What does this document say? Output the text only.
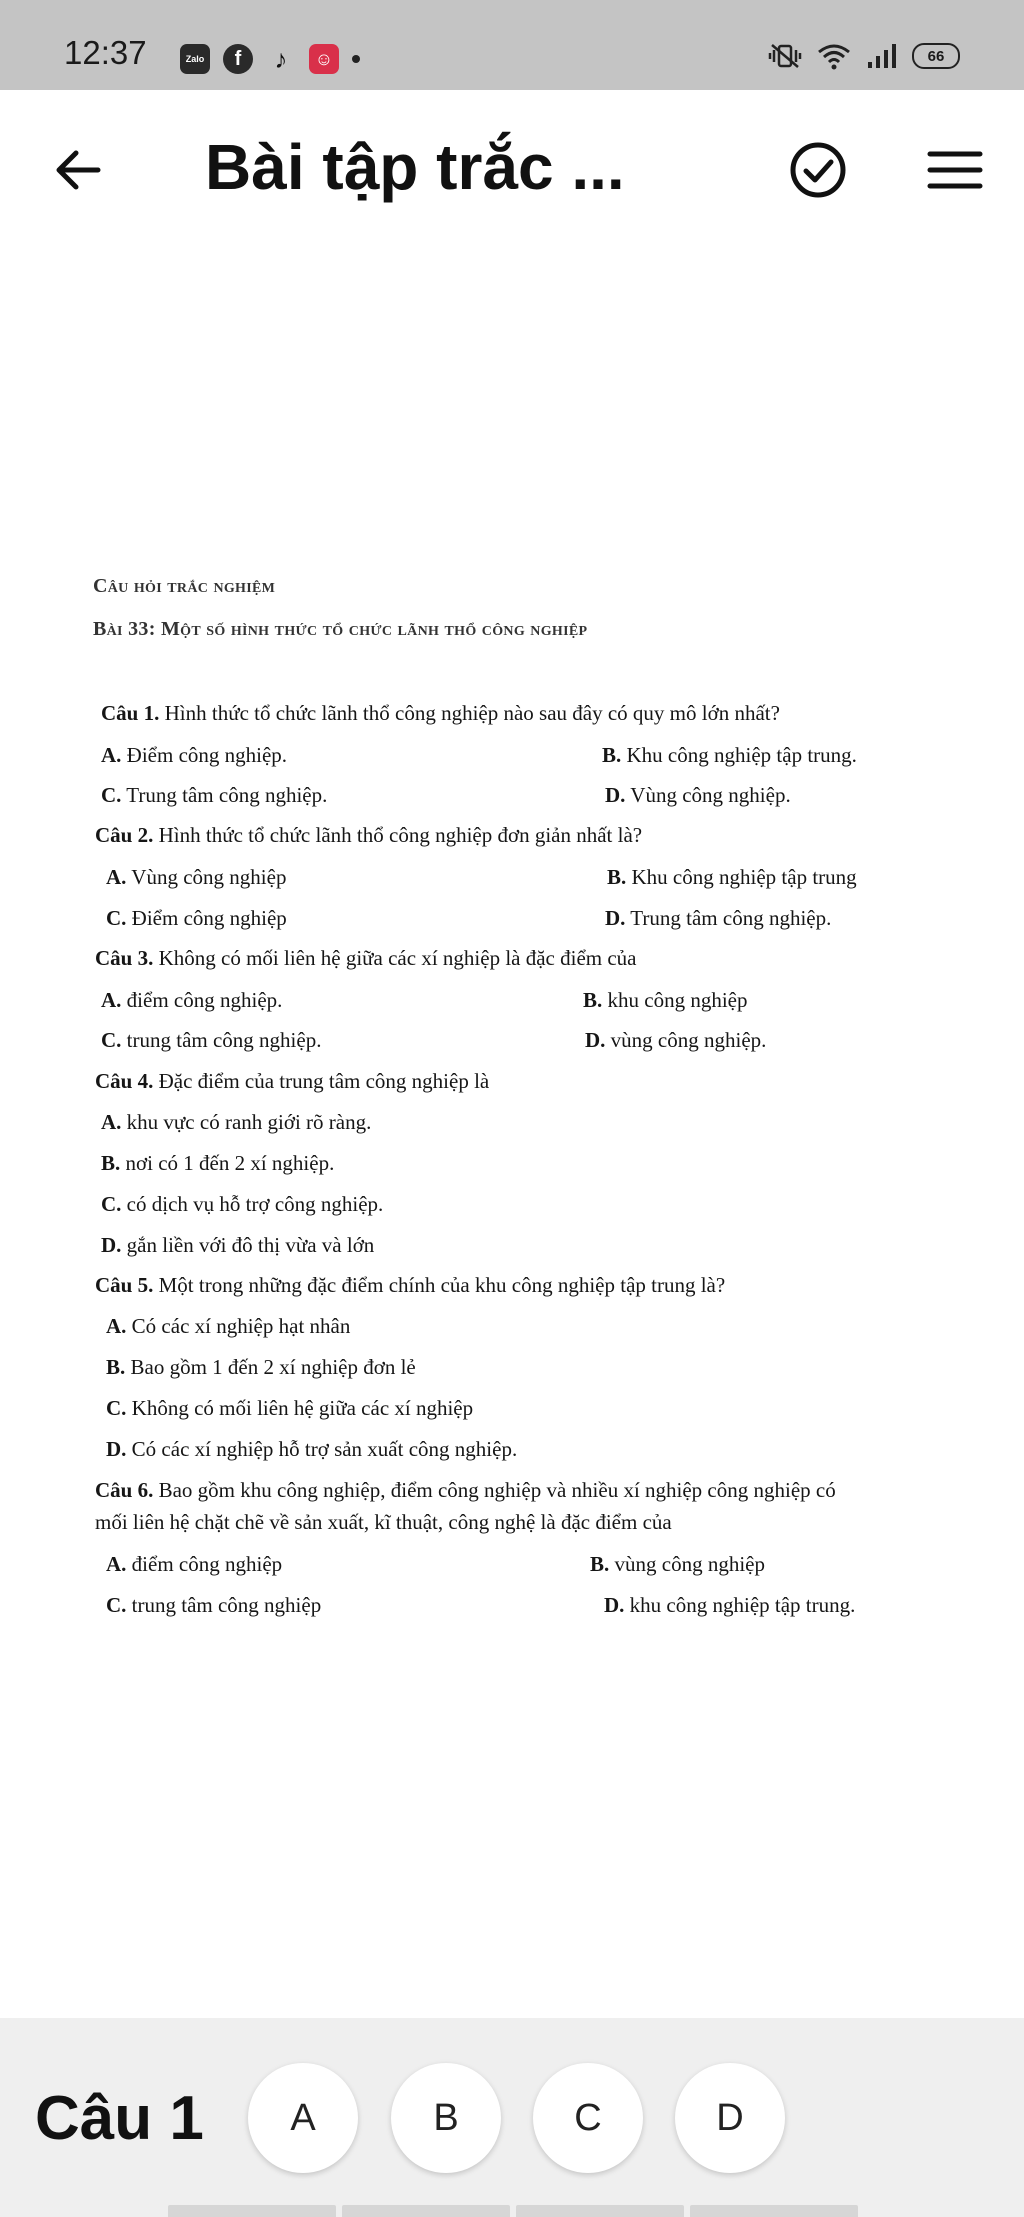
12:37	Zalo	f	♪	☺	66
Bài tập trắc ...
Câu hỏi trắc nghiệm
Bài 33: Một số hình thức tổ chức lãnh thổ công nghiệp
Câu 1. Hình thức tổ chức lãnh thổ công nghiệp nào sau đây có quy mô lớn nhất?
A. Điểm công nghiệp.	B. Khu công nghiệp tập trung.
C. Trung tâm công nghiệp.	D. Vùng công nghiệp.
Câu 2. Hình thức tổ chức lãnh thổ công nghiệp đơn giản nhất là?
A. Vùng công nghiệp	B. Khu công nghiệp tập trung
C. Điểm công nghiệp	D. Trung tâm công nghiệp.
Câu 3. Không có mối liên hệ giữa các xí nghiệp là đặc điểm của
A. điểm công nghiệp.	B. khu công nghiệp
C. trung tâm công nghiệp.	D. vùng công nghiệp.
Câu 4. Đặc điểm của trung tâm công nghiệp là
A. khu vực có ranh giới rõ ràng.
B. nơi có 1 đến 2 xí nghiệp.
C. có dịch vụ hỗ trợ công nghiệp.
D. gắn liền với đô thị vừa và lớn
Câu 5. Một trong những đặc điểm chính của khu công nghiệp tập trung là?
A. Có các xí nghiệp hạt nhân
B. Bao gồm 1 đến 2 xí nghiệp đơn lẻ
C. Không có mối liên hệ giữa các xí nghiệp
D. Có các xí nghiệp hỗ trợ sản xuất công nghiệp.
Câu 6. Bao gồm khu công nghiệp, điểm công nghiệp và nhiều xí nghiệp công nghiệp có
mối liên hệ chặt chẽ về sản xuất, kĩ thuật, công nghệ là đặc điểm của
A. điểm công nghiệp	B. vùng công nghiệp
C. trung tâm công nghiệp	D. khu công nghiệp tập trung.
Câu 1	A	B	C	D
